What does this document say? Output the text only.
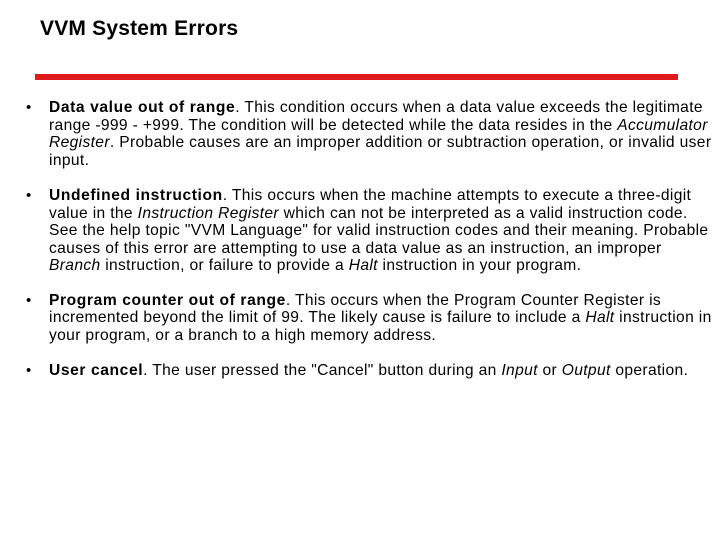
VVM System Errors
• Data value out of range. This condition occurs when a data value exceeds the legitimate range -999 - +999. The condition will be detected while the data resides in the Accumulator Register. Probable causes are an improper addition or subtraction operation, or invalid user input.
• Undefined instruction. This occurs when the machine attempts to execute a three-digit value in the Instruction Register which can not be interpreted as a valid instruction code. See the help topic "VVM Language" for valid instruction codes and their meaning. Probable causes of this error are attempting to use a data value as an instruction, an improper Branch instruction, or failure to provide a Halt instruction in your program.
• Program counter out of range. This occurs when the Program Counter Register is incremented beyond the limit of 99. The likely cause is failure to include a Halt instruction in your program, or a branch to a high memory address.
• User cancel. The user pressed the "Cancel" button during an Input or Output operation.
